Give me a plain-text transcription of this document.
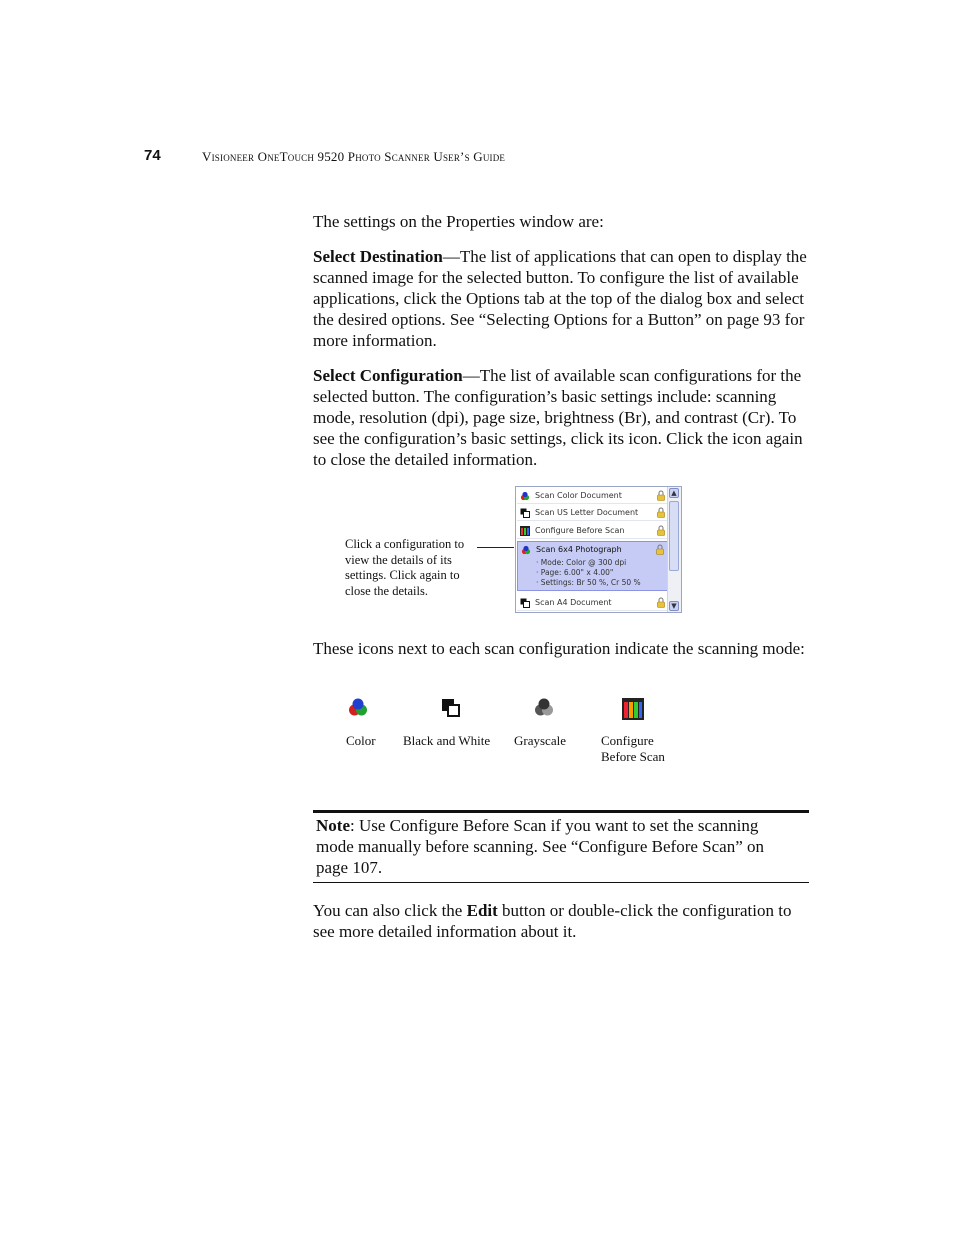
74	Visioneer OneTouch 9520 Photo Scanner User’s Guide

The settings on the Properties window are:

Select Destination—The list of applications that can open to display the scanned image for the selected button. To configure the list of available applications, click the Options tab at the top of the dialog box and select the desired options. See “Selecting Options for a Button” on page 93 for more information.

Select Configuration—The list of available scan configurations for the selected button. The configuration’s basic settings include: scanning mode, resolution (dpi), page size, brightness (Br), and contrast (Cr). To see the configuration’s basic settings, click its icon. Click the icon again to close the detailed information.

Scan Color Document
Scan US Letter Document
Configure Before Scan
Scan 6x4 Photograph
· Mode: Color @ 300 dpi
· Page: 6.00" x 4.00"
· Settings: Br 50 %, Cr 50 %
Scan A4 Document
▲
▼
Click a configuration to view the details of its settings. Click again to close the details.

These icons next to each scan configuration indicate the scanning mode:

Color Black and White Grayscale	Configure
Before Scan
Note: Use Configure Before Scan if you want to set the scanning mode manually before scanning. See “Configure Before Scan” on page 107.

You can also click the Edit button or double-click the configuration to see more detailed information about it.
